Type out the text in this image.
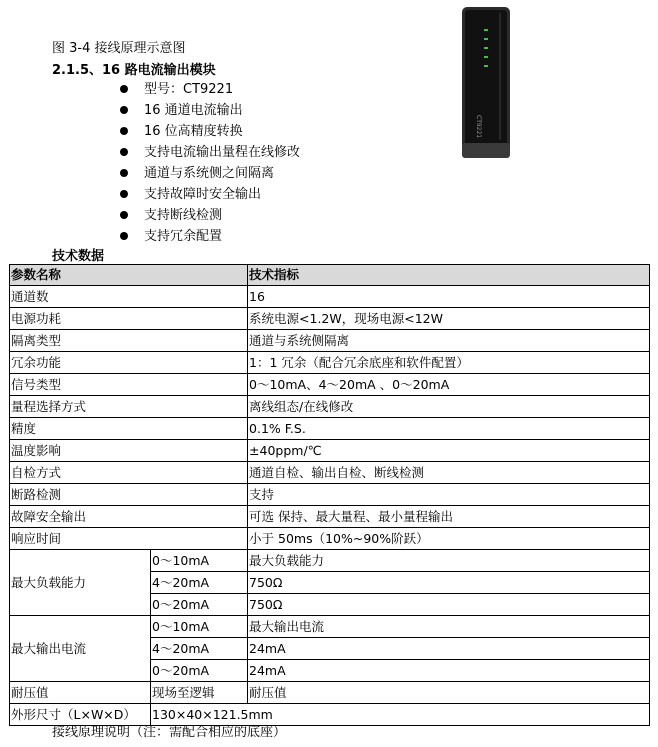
CT9221
图 3-4 接线原理示意图
2.1.5、16 路电流输出模块
型号：CT9221
16 通道电流输出
16 位高精度转换
支持电流输出量程在线修改
通道与系统侧之间隔离
支持故障时安全输出
支持断线检测
支持冗余配置
技术数据
参数名称		技术指标
通道数		16
电源功耗		系统电源<1.2W，现场电源<12W
隔离类型		通道与系统侧隔离
冗余功能		1：1 冗余（配合冗余底座和软件配置）
信号类型		0～10mA、4～20mA 、0～20mA
量程选择方式		离线组态/在线修改
精度		0.1% F.S.
温度影响		±40ppm/℃
自检方式		通道自检、输出自检、断线检测
断路检测		支持
故障安全输出		可选 保持、最大量程、最小量程输出
响应时间		小于 50ms（10%~90%阶跃）
最大负载能力	0～10mA	最大负载能力
	4～20mA	750Ω
	0～20mA	750Ω
最大输出电流	0～10mA	最大输出电流
	4～20mA	24mA
	0～20mA	24mA
耐压值	现场至逻辑	耐压值
外形尺寸（L×W×D）	130×40×121.5mm	
接线原理说明（注：需配合相应的底座）
